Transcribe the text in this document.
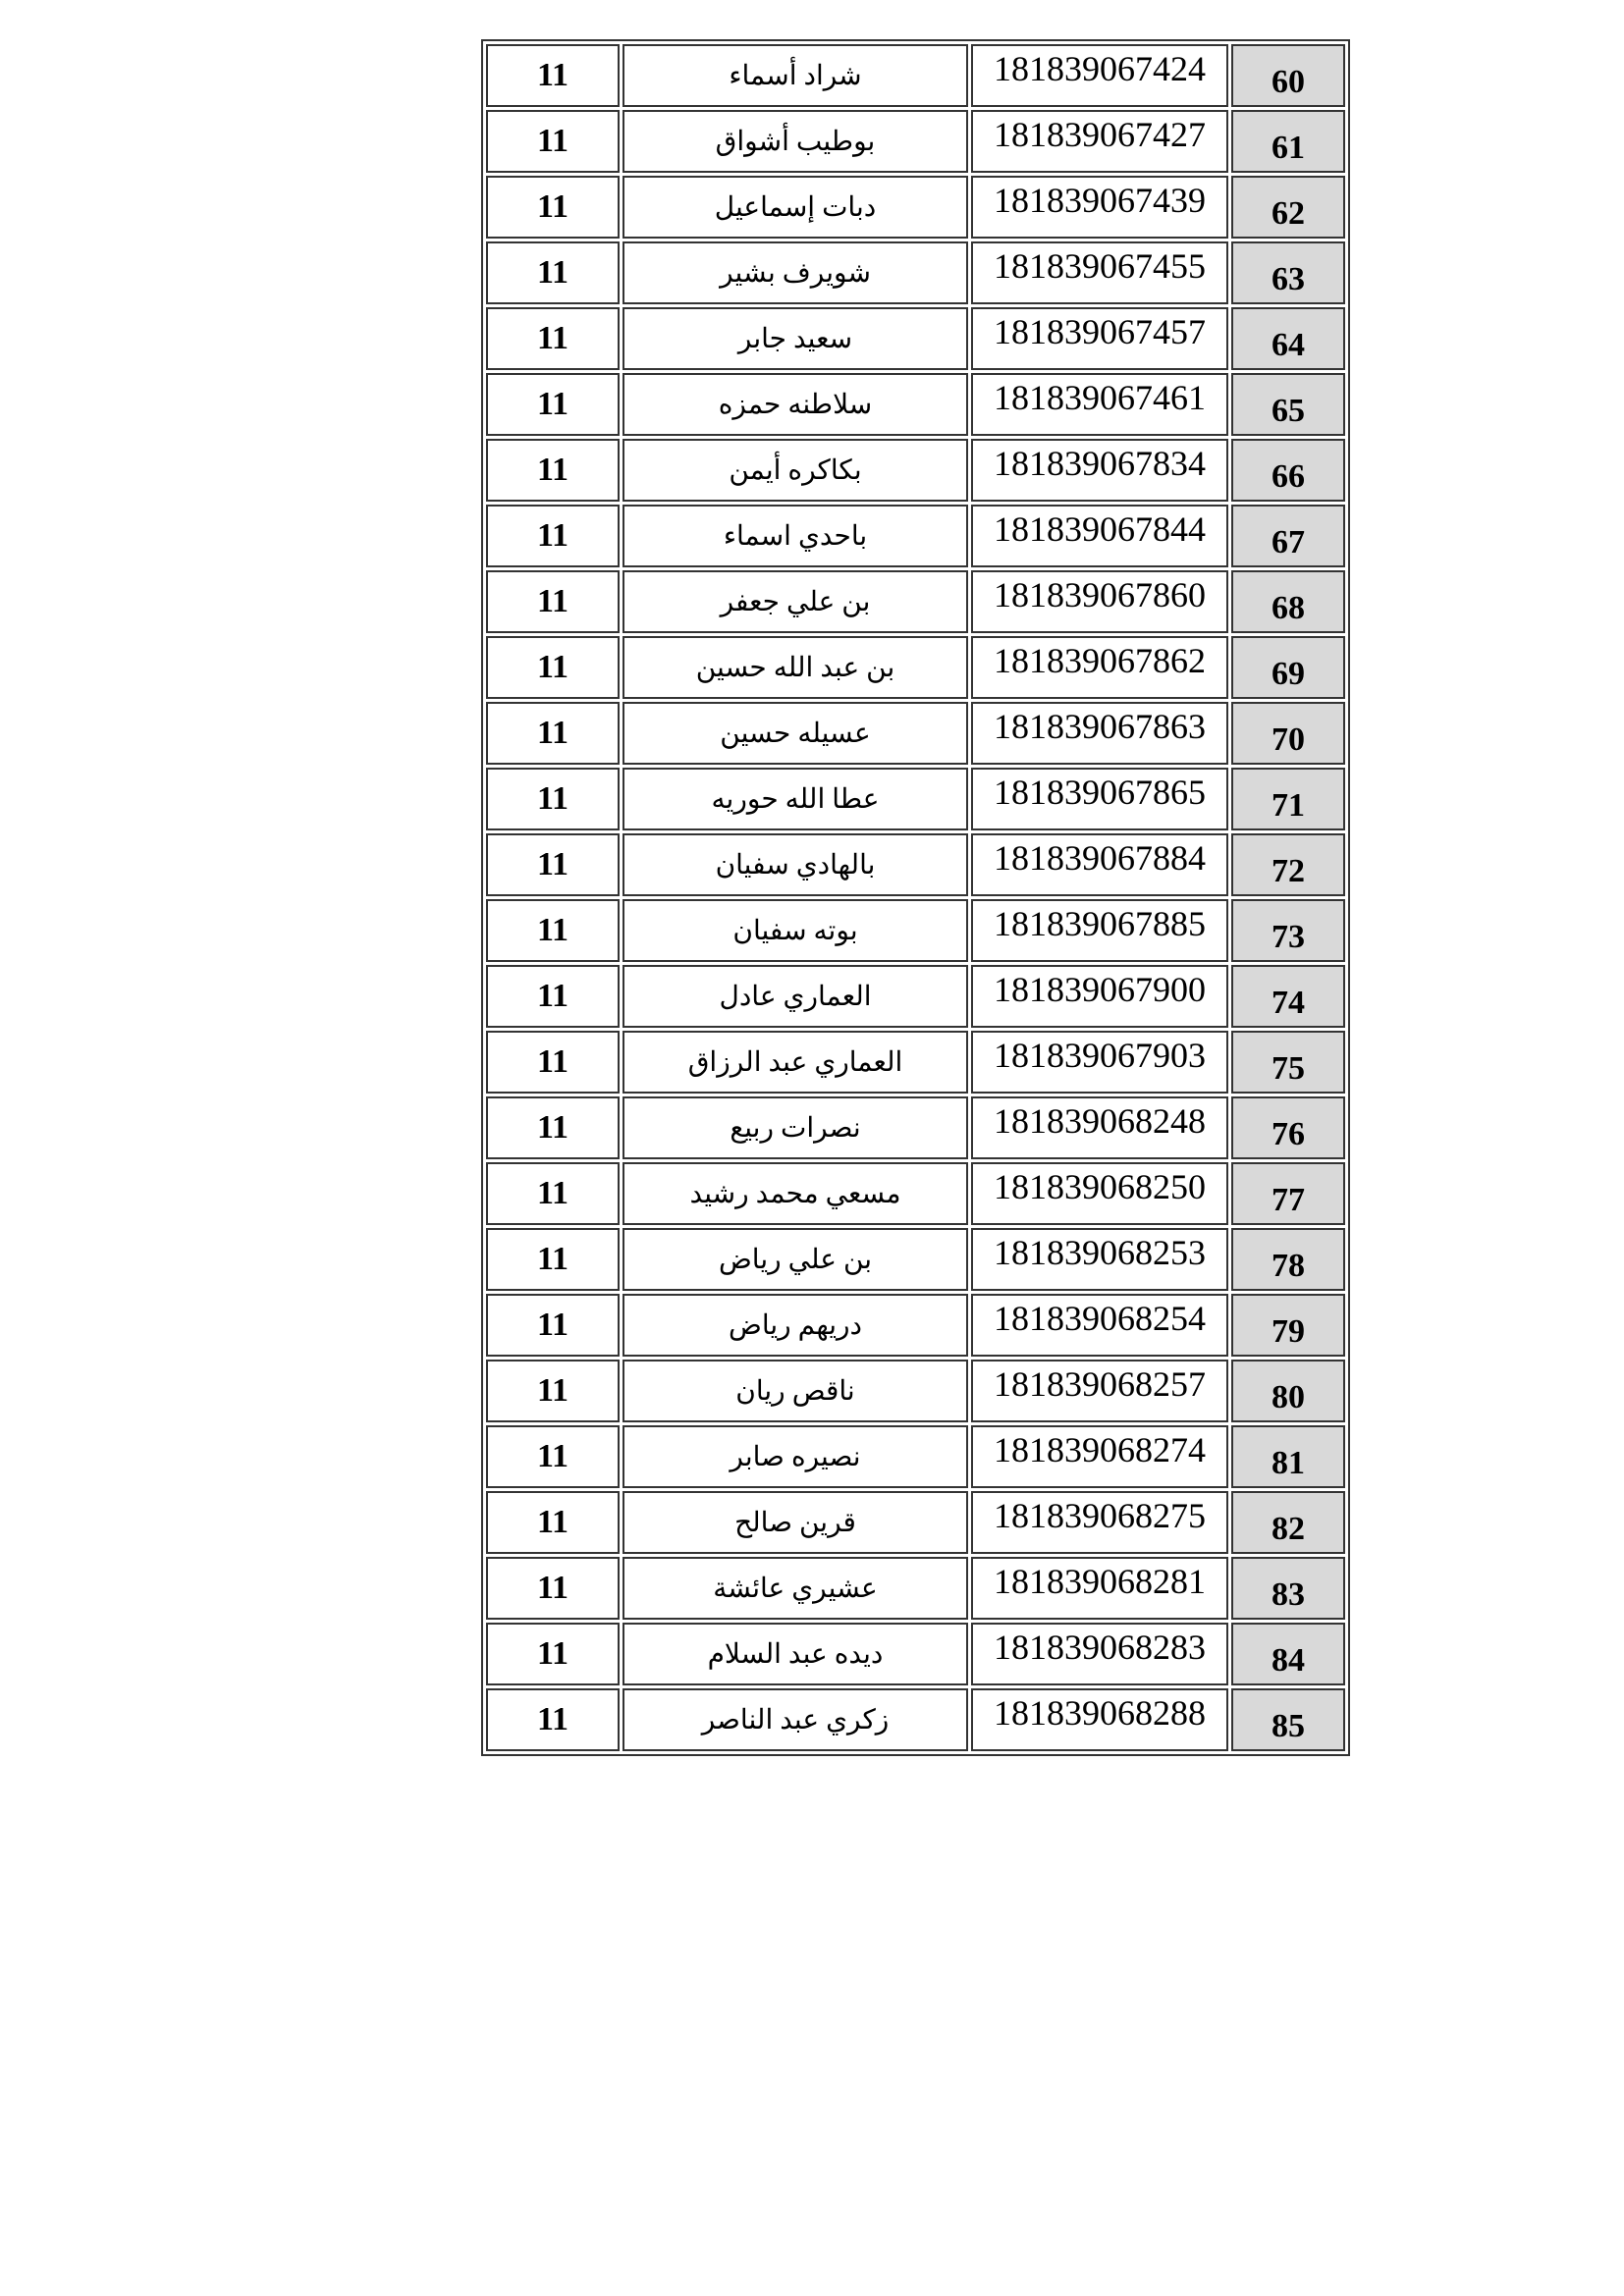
11	شراد أسماء	181839067424	60
11	بوطيب أشواق	181839067427	61
11	دبات إسماعيل	181839067439	62
11	شويرف بشير	181839067455	63
11	سعيد جابر	181839067457	64
11	سلاطنه حمزه	181839067461	65
11	بكاكره أيمن	181839067834	66
11	باحدي اسماء	181839067844	67
11	بن علي جعفر	181839067860	68
11	بن عبد الله حسين	181839067862	69
11	عسيله حسين	181839067863	70
11	عطا الله حوريه	181839067865	71
11	بالهادي سفيان	181839067884	72
11	بوته سفيان	181839067885	73
11	العماري عادل	181839067900	74
11	العماري عبد الرزاق	181839067903	75
11	نصرات ربيع	181839068248	76
11	مسعي محمد رشيد	181839068250	77
11	بن علي رياض	181839068253	78
11	دريهم رياض	181839068254	79
11	ناقص ريان	181839068257	80
11	نصيره صابر	181839068274	81
11	قرين صالح	181839068275	82
11	عشيري عائشة	181839068281	83
11	ديده عبد السلام	181839068283	84
11	زكري عبد الناصر	181839068288	85
